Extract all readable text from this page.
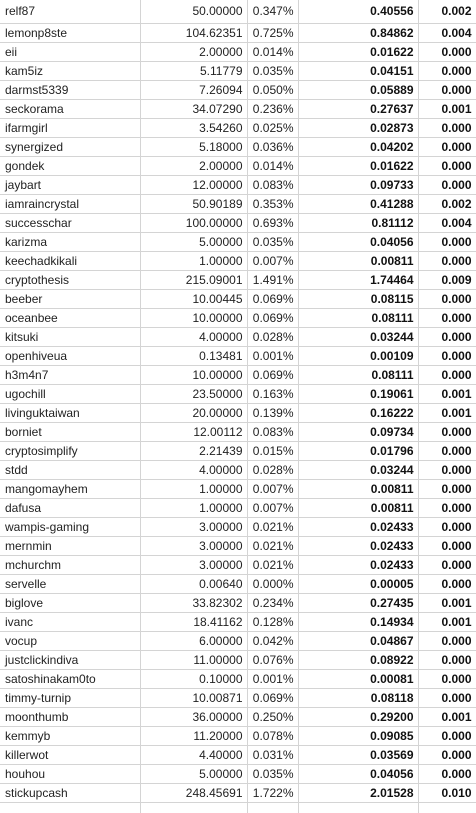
relf87	50.00000	0.347%	0.40556	0.002
lemonp8ste	104.62351	0.725%	0.84862	0.004
eii	2.00000	0.014%	0.01622	0.000
kam5iz	5.11779	0.035%	0.04151	0.000
darmst5339	7.26094	0.050%	0.05889	0.000
seckorama	34.07290	0.236%	0.27637	0.001
ifarmgirl	3.54260	0.025%	0.02873	0.000
synergized	5.18000	0.036%	0.04202	0.000
gondek	2.00000	0.014%	0.01622	0.000
jaybart	12.00000	0.083%	0.09733	0.000
iamraincrystal	50.90189	0.353%	0.41288	0.002
successchar	100.00000	0.693%	0.81112	0.004
karizma	5.00000	0.035%	0.04056	0.000
keechadkikali	1.00000	0.007%	0.00811	0.000
cryptothesis	215.09001	1.491%	1.74464	0.009
beeber	10.00445	0.069%	0.08115	0.000
oceanbee	10.00000	0.069%	0.08111	0.000
kitsuki	4.00000	0.028%	0.03244	0.000
openhiveua	0.13481	0.001%	0.00109	0.000
h3m4n7	10.00000	0.069%	0.08111	0.000
ugochill	23.50000	0.163%	0.19061	0.001
livinguktaiwan	20.00000	0.139%	0.16222	0.001
borniet	12.00112	0.083%	0.09734	0.000
cryptosimplify	2.21439	0.015%	0.01796	0.000
stdd	4.00000	0.028%	0.03244	0.000
mangomayhem	1.00000	0.007%	0.00811	0.000
dafusa	1.00000	0.007%	0.00811	0.000
wampis-gaming	3.00000	0.021%	0.02433	0.000
mernmin	3.00000	0.021%	0.02433	0.000
mchurchm	3.00000	0.021%	0.02433	0.000
servelle	0.00640	0.000%	0.00005	0.000
biglove	33.82302	0.234%	0.27435	0.001
ivanc	18.41162	0.128%	0.14934	0.001
vocup	6.00000	0.042%	0.04867	0.000
justclickindiva	11.00000	0.076%	0.08922	0.000
satoshinakam0to	0.10000	0.001%	0.00081	0.000
timmy-turnip	10.00871	0.069%	0.08118	0.000
moonthumb	36.00000	0.250%	0.29200	0.001
kemmyb	11.20000	0.078%	0.09085	0.000
killerwot	4.40000	0.031%	0.03569	0.000
houhou	5.00000	0.035%	0.04056	0.000
stickupcash	248.45691	1.722%	2.01528	0.010
